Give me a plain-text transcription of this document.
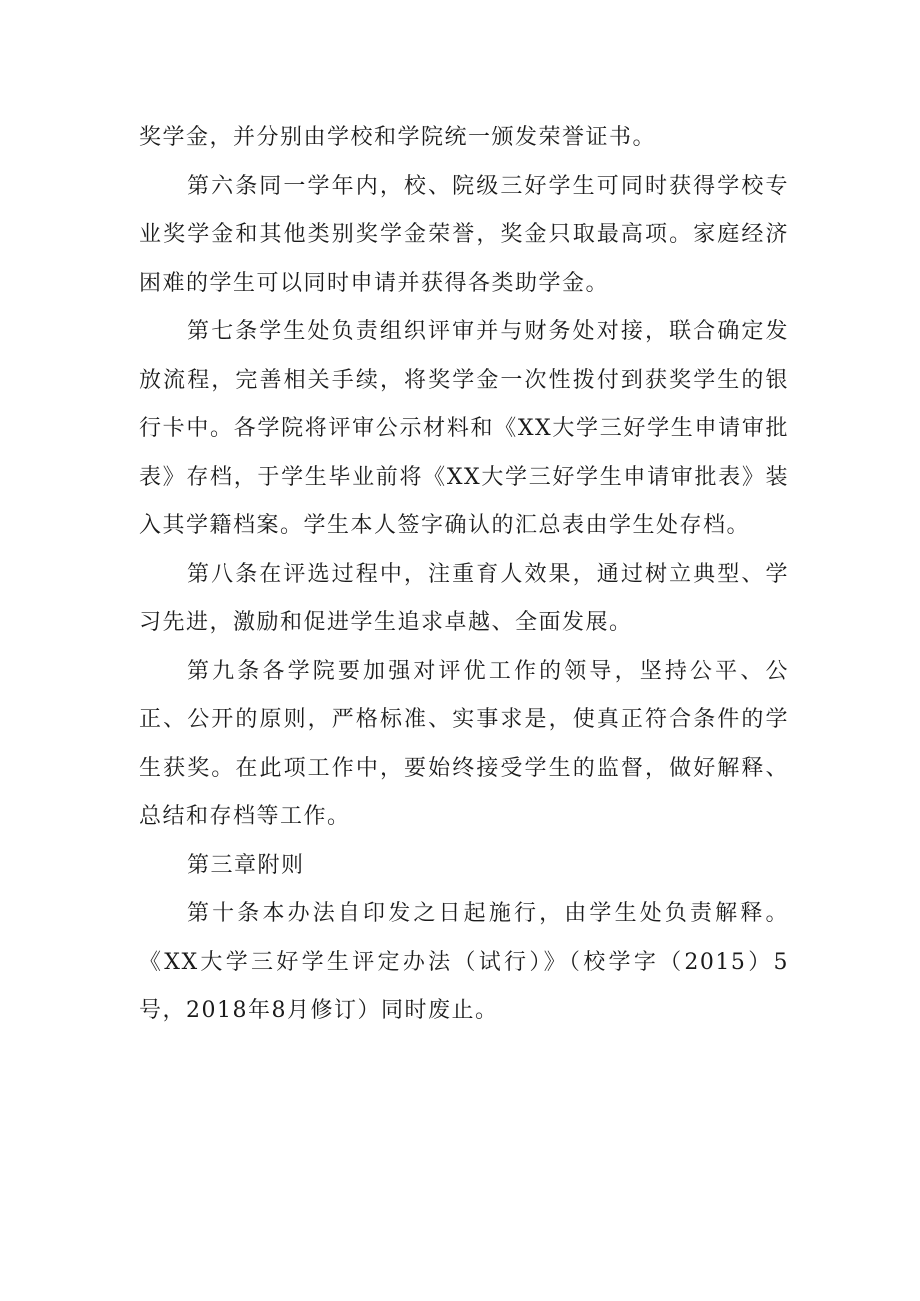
奖学金，并分别由学校和学院统一颁发荣誉证书。

第六条同一学年内，校、院级三好学生可同时获得学校专业奖学金和其他类别奖学金荣誉，奖金只取最高项。家庭经济困难的学生可以同时申请并获得各类助学金。

第七条学生处负责组织评审并与财务处对接，联合确定发放流程，完善相关手续，将奖学金一次性拨付到获奖学生的银行卡中。各学院将评审公示材料和《XX大学三好学生申请审批表》存档，于学生毕业前将《XX大学三好学生申请审批表》装入其学籍档案。学生本人签字确认的汇总表由学生处存档。

第八条在评选过程中，注重育人效果，通过树立典型、学习先进，激励和促进学生追求卓越、全面发展。

第九条各学院要加强对评优工作的领导，坚持公平、公正、公开的原则，严格标准、实事求是，使真正符合条件的学生获奖。在此项工作中，要始终接受学生的监督，做好解释、总结和存档等工作。

第三章附则

第十条本办法自印发之日起施行，由学生处负责解释。《XX大学三好学生评定办法（试行）》（校学字（2015）5号，2018年8月修订）同时废止。
